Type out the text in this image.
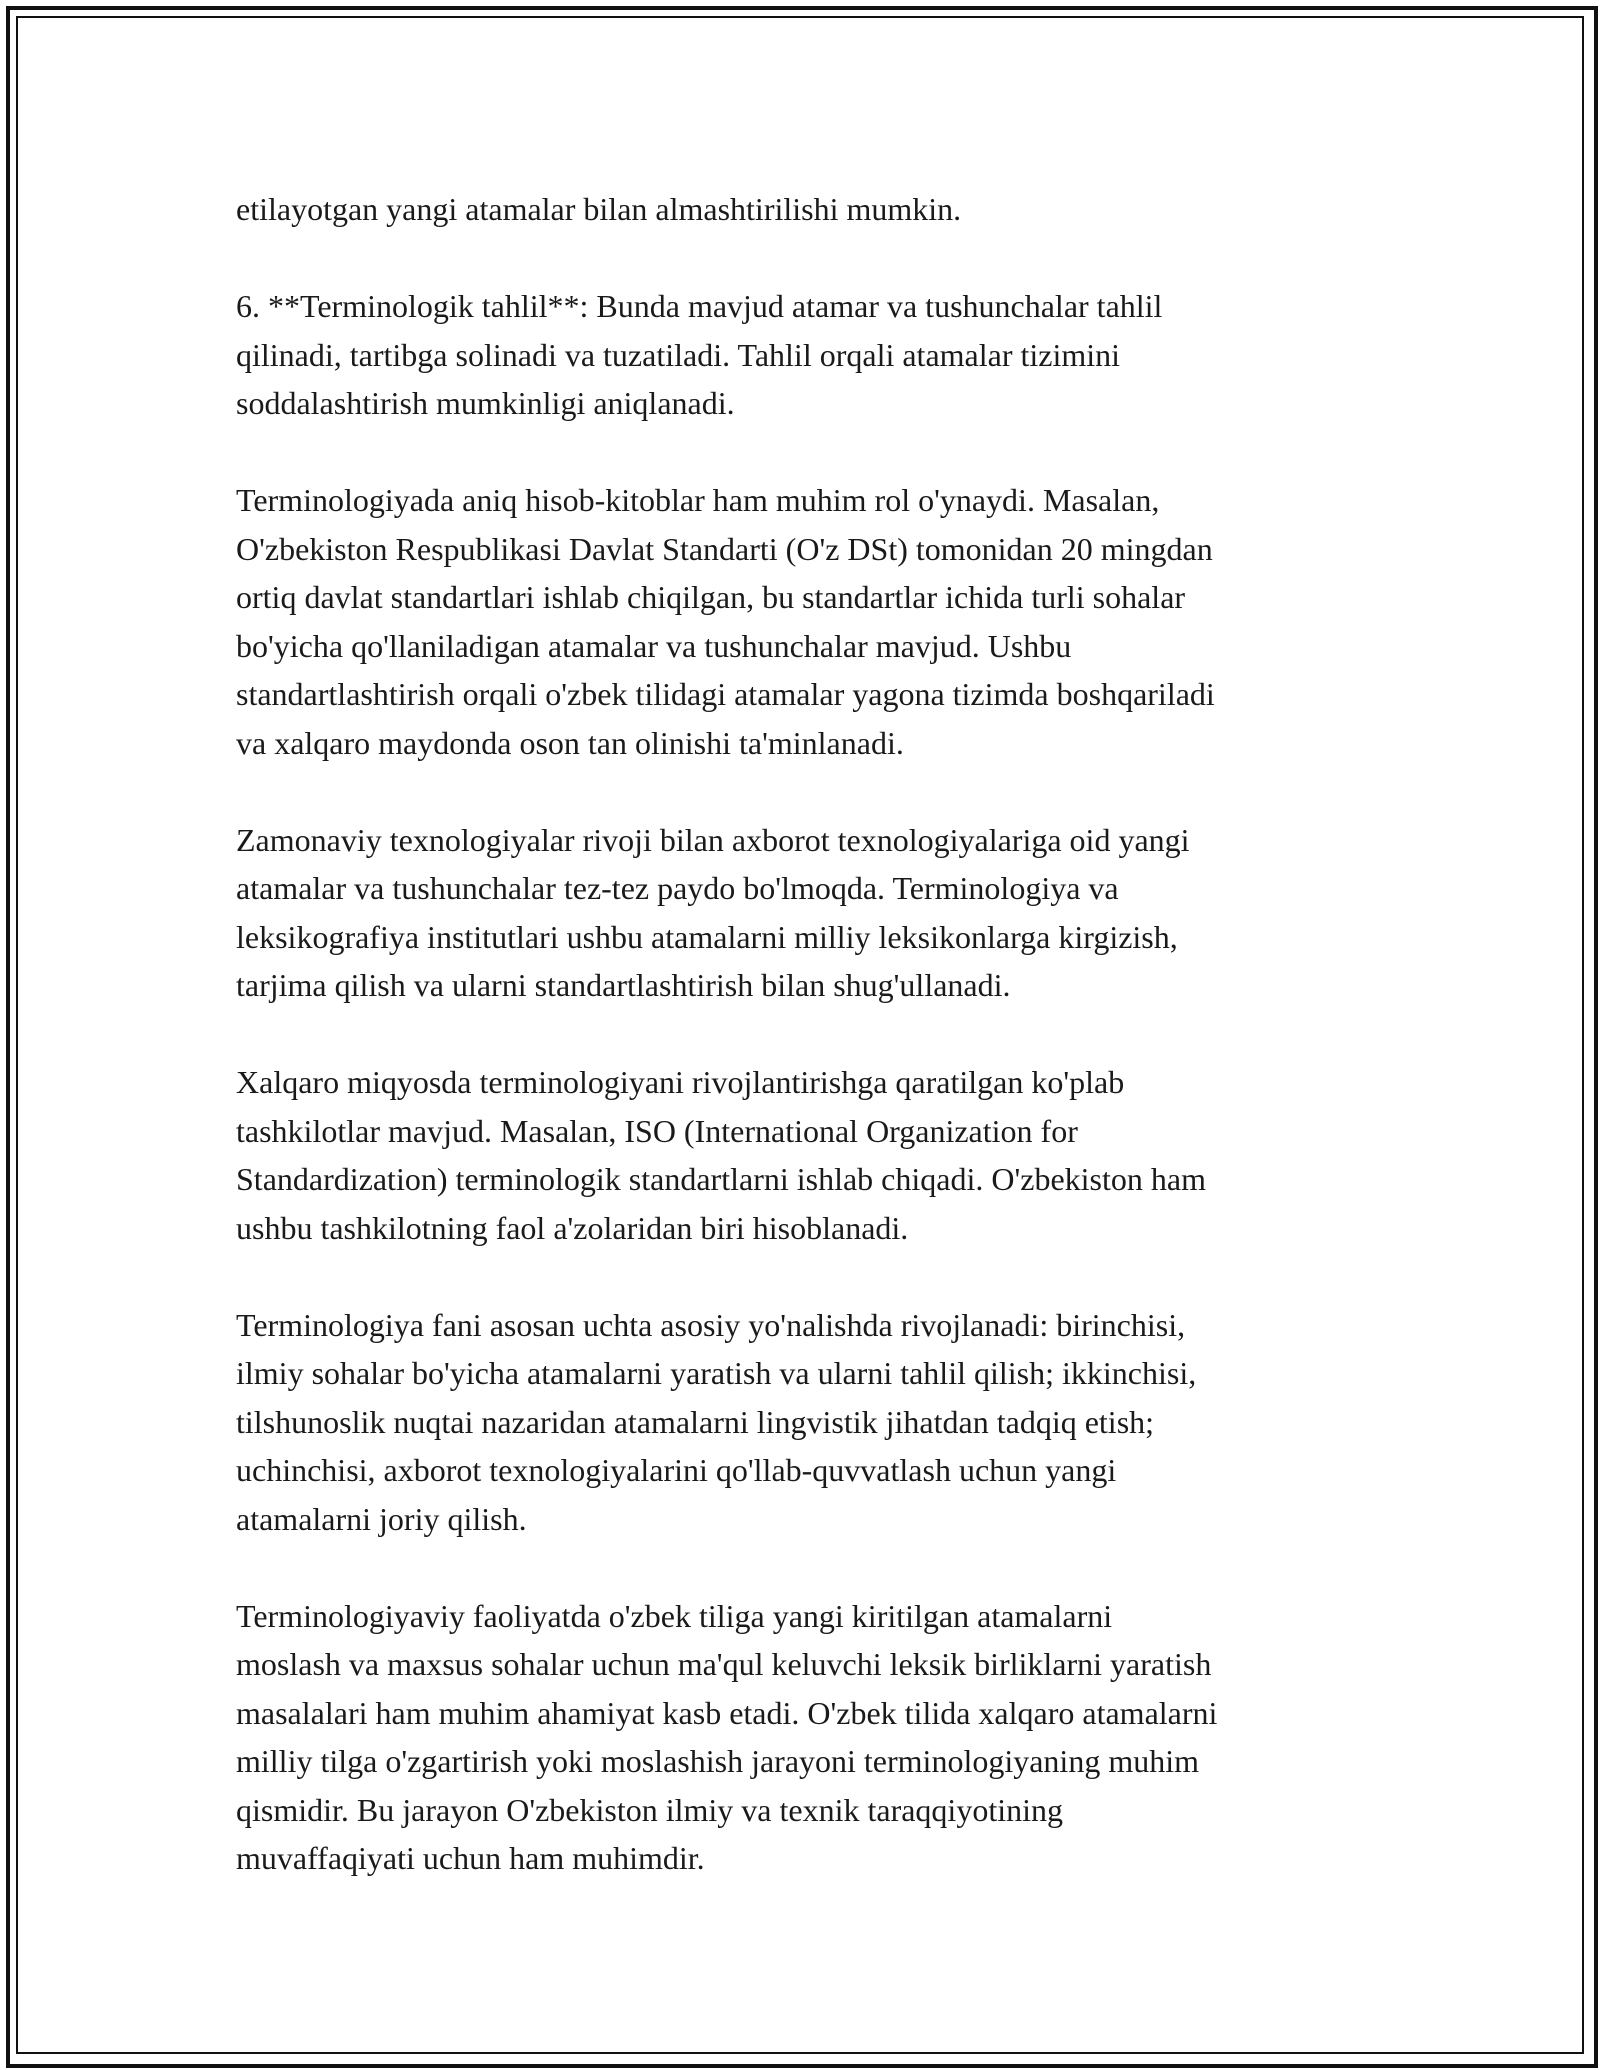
etilayotgan yangi atamalar bilan almashtirilishi mumkin.

6. **Terminologik tahlil**: Bunda mavjud atamar va tushunchalar tahlil
qilinadi, tartibga solinadi va tuzatiladi. Tahlil orqali atamalar tizimini
soddalashtirish mumkinligi aniqlanadi.

Terminologiyada aniq hisob-kitoblar ham muhim rol o'ynaydi. Masalan,
O'zbekiston Respublikasi Davlat Standarti (O'z DSt) tomonidan 20 mingdan
ortiq davlat standartlari ishlab chiqilgan, bu standartlar ichida turli sohalar
bo'yicha qo'llaniladigan atamalar va tushunchalar mavjud. Ushbu
standartlashtirish orqali o'zbek tilidagi atamalar yagona tizimda boshqariladi
va xalqaro maydonda oson tan olinishi ta'minlanadi.

Zamonaviy texnologiyalar rivoji bilan axborot texnologiyalariga oid yangi
atamalar va tushunchalar tez-tez paydo bo'lmoqda. Terminologiya va
leksikografiya institutlari ushbu atamalarni milliy leksikonlarga kirgizish,
tarjima qilish va ularni standartlashtirish bilan shug'ullanadi.

Xalqaro miqyosda terminologiyani rivojlantirishga qaratilgan ko'plab
tashkilotlar mavjud. Masalan, ISO (International Organization for
Standardization) terminologik standartlarni ishlab chiqadi. O'zbekiston ham
ushbu tashkilotning faol a'zolaridan biri hisoblanadi.

Terminologiya fani asosan uchta asosiy yo'nalishda rivojlanadi: birinchisi,
ilmiy sohalar bo'yicha atamalarni yaratish va ularni tahlil qilish; ikkinchisi,
tilshunoslik nuqtai nazaridan atamalarni lingvistik jihatdan tadqiq etish;
uchinchisi, axborot texnologiyalarini qo'llab-quvvatlash uchun yangi
atamalarni joriy qilish.

Terminologiyaviy faoliyatda o'zbek tiliga yangi kiritilgan atamalarni
moslash va maxsus sohalar uchun ma'qul keluvchi leksik birliklarni yaratish
masalalari ham muhim ahamiyat kasb etadi. O'zbek tilida xalqaro atamalarni
milliy tilga o'zgartirish yoki moslashish jarayoni terminologiyaning muhim
qismidir. Bu jarayon O'zbekiston ilmiy va texnik taraqqiyotining
muvaffaqiyati uchun ham muhimdir.
